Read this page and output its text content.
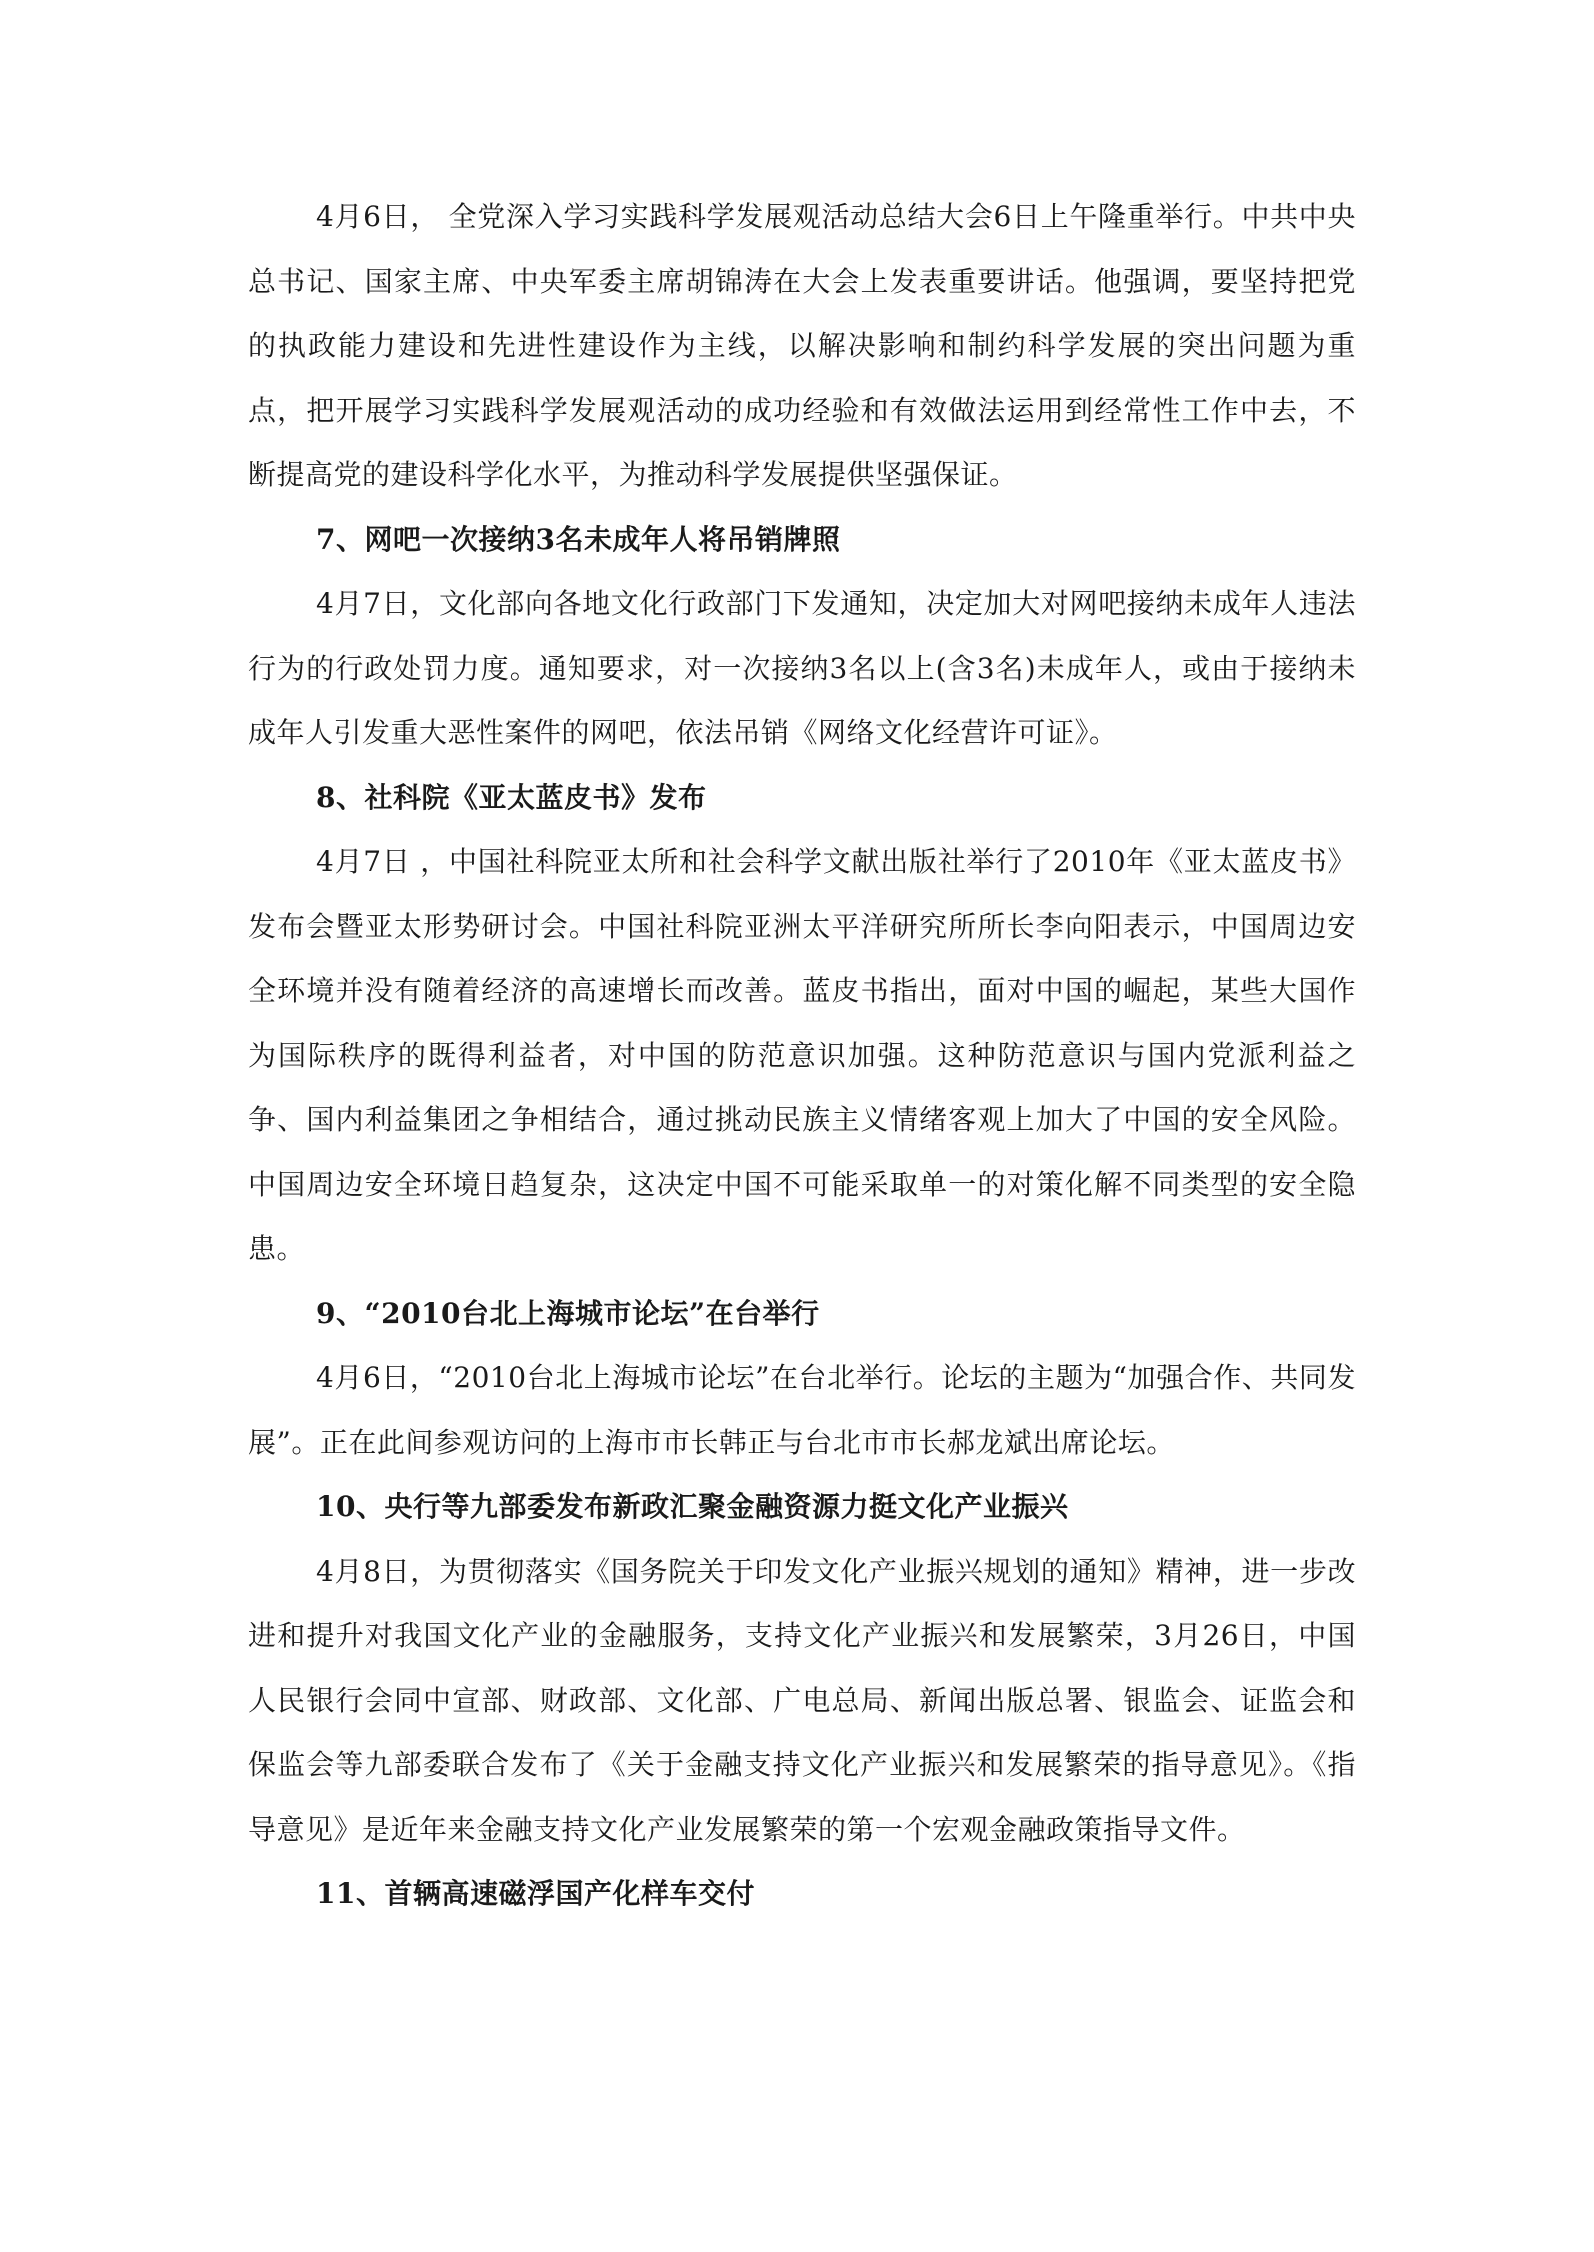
4月6日， 全党深入学习实践科学发展观活动总结大会6日上午隆重举行。中共中央总书记、国家主席、中央军委主席胡锦涛在大会上发表重要讲话。他强调，要坚持把党的执政能力建设和先进性建设作为主线，以解决影响和制约科学发展的突出问题为重点，把开展学习实践科学发展观活动的成功经验和有效做法运用到经常性工作中去，不断提高党的建设科学化水平，为推动科学发展提供坚强保证。

7、网吧一次接纳3名未成年人将吊销牌照

4月7日，文化部向各地文化行政部门下发通知，决定加大对网吧接纳未成年人违法行为的行政处罚力度。通知要求，对一次接纳3名以上(含3名)未成年人，或由于接纳未成年人引发重大恶性案件的网吧，依法吊销《网络文化经营许可证》。

8、社科院《亚太蓝皮书》发布

4月7日 ，中国社科院亚太所和社会科学文献出版社举行了2010年《亚太蓝皮书》发布会暨亚太形势研讨会。中国社科院亚洲太平洋研究所所长李向阳表示，中国周边安全环境并没有随着经济的高速增长而改善。蓝皮书指出，面对中国的崛起，某些大国作为国际秩序的既得利益者，对中国的防范意识加强。这种防范意识与国内党派利益之争、国内利益集团之争相结合，通过挑动民族主义情绪客观上加大了中国的安全风险。中国周边安全环境日趋复杂，这决定中国不可能采取单一的对策化解不同类型的安全隐患。

9、“2010台北上海城市论坛”在台举行

4月6日，“2010台北上海城市论坛”在台北举行。论坛的主题为“加强合作、共同发展”。正在此间参观访问的上海市市长韩正与台北市市长郝龙斌出席论坛。

10、央行等九部委发布新政汇聚金融资源力挺文化产业振兴

4月8日，为贯彻落实《国务院关于印发文化产业振兴规划的通知》精神，进一步改进和提升对我国文化产业的金融服务，支持文化产业振兴和发展繁荣，3月26日，中国人民银行会同中宣部、财政部、文化部、广电总局、新闻出版总署、银监会、证监会和保监会等九部委联合发布了《关于金融支持文化产业振兴和发展繁荣的指导意见》。《指导意见》是近年来金融支持文化产业发展繁荣的第一个宏观金融政策指导文件。

11、首辆高速磁浮国产化样车交付
